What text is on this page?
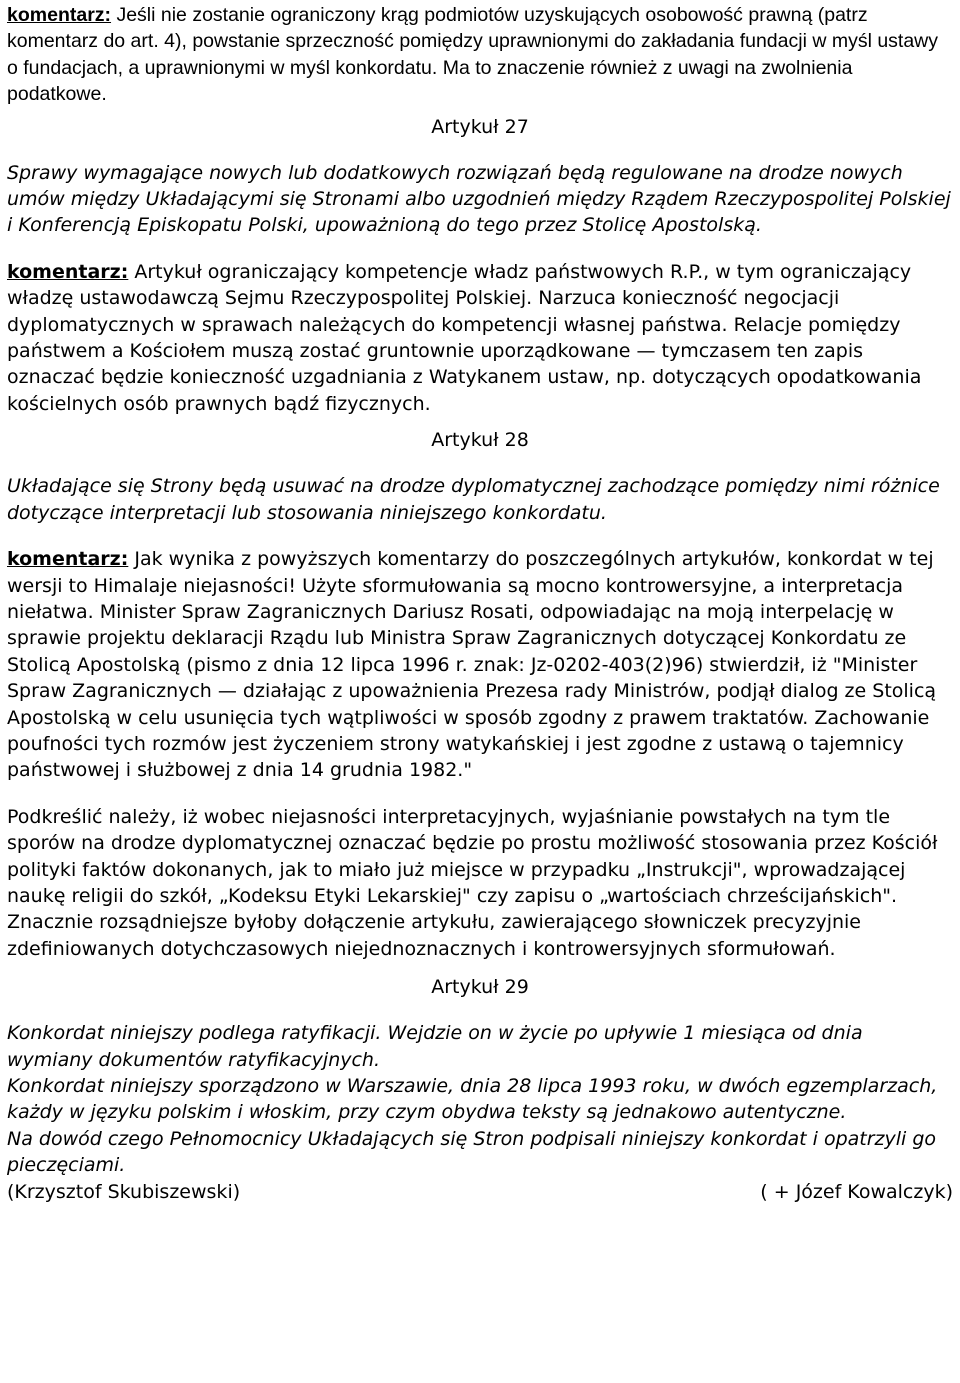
komentarz: Jeśli nie zostanie ograniczony krąg podmiotów uzyskujących osobowość prawną (patrz komentarz do art. 4), powstanie sprzeczność pomiędzy uprawnionymi do zakładania fundacji w myśl ustawy o fundacjach, a uprawnionymi w myśl konkordatu. Ma to znaczenie również z uwagi na zwolnienia podatkowe.

Artykuł 27

Sprawy wymagające nowych lub dodatkowych rozwiązań będą regulowane na drodze nowych umów między Układającymi się Stronami albo uzgodnień między Rządem Rzeczypospolitej Polskiej i Konferencją Episkopatu Polski, upoważnioną do tego przez Stolicę Apostolską.

komentarz: Artykuł ograniczający kompetencje władz państwowych R.P., w tym ograniczający władzę ustawodawczą Sejmu Rzeczypospolitej Polskiej. Narzuca konieczność negocjacji dyplomatycznych w sprawach należących do kompetencji własnej państwa. Relacje pomiędzy państwem a Kościołem muszą zostać gruntownie uporządkowane — tymczasem ten zapis oznaczać będzie konieczność uzgadniania z Watykanem ustaw, np. dotyczących opodatkowania kościelnych osób prawnych bądź fizycznych.

Artykuł 28

Układające się Strony będą usuwać na drodze dyplomatycznej zachodzące pomiędzy nimi różnice dotyczące interpretacji lub stosowania niniejszego konkordatu.

komentarz: Jak wynika z powyższych komentarzy do poszczególnych artykułów, konkordat w tej wersji to Himalaje niejasności! Użyte sformułowania są mocno kontrowersyjne, a interpretacja niełatwa. Minister Spraw Zagranicznych Dariusz Rosati, odpowiadając na moją interpelację w sprawie projektu deklaracji Rządu lub Ministra Spraw Zagranicznych dotyczącej Konkordatu ze Stolicą Apostolską (pismo z dnia 12 lipca 1996 r. znak: Jz-0202-403(2)96) stwierdził, iż "Minister Spraw Zagranicznych — działając z upoważnienia Prezesa rady Ministrów, podjął dialog ze Stolicą Apostolską w celu usunięcia tych wątpliwości w sposób zgodny z prawem traktatów. Zachowanie poufności tych rozmów jest życzeniem strony watykańskiej i jest zgodne z ustawą o tajemnicy państwowej i służbowej z dnia 14 grudnia 1982."

Podkreślić należy, iż wobec niejasności interpretacyjnych, wyjaśnianie powstałych na tym tle sporów na drodze dyplomatycznej oznaczać będzie po prostu możliwość stosowania przez Kościół polityki faktów dokonanych, jak to miało już miejsce w przypadku „Instrukcji", wprowadzającej naukę religii do szkół, „Kodeksu Etyki Lekarskiej" czy zapisu o „wartościach chrześcijańskich". Znacznie rozsądniejsze byłoby dołączenie artykułu, zawierającego słowniczek precyzyjnie zdefiniowanych dotychczasowych niejednoznacznych i kontrowersyjnych sformułowań.

Artykuł 29

Konkordat niniejszy podlega ratyfikacji. Wejdzie on w życie po upływie 1 miesiąca od dnia wymiany dokumentów ratyfikacyjnych.

Konkordat niniejszy sporządzono w Warszawie, dnia 28 lipca 1993 roku, w dwóch egzemplarzach, każdy w języku polskim i włoskim, przy czym obydwa teksty są jednakowo autentyczne.

Na dowód czego Pełnomocnicy Układających się Stron podpisali niniejszy konkordat i opatrzyli go pieczęciami.

(Krzysztof Skubiszewski)	( + Józef Kowalczyk)
